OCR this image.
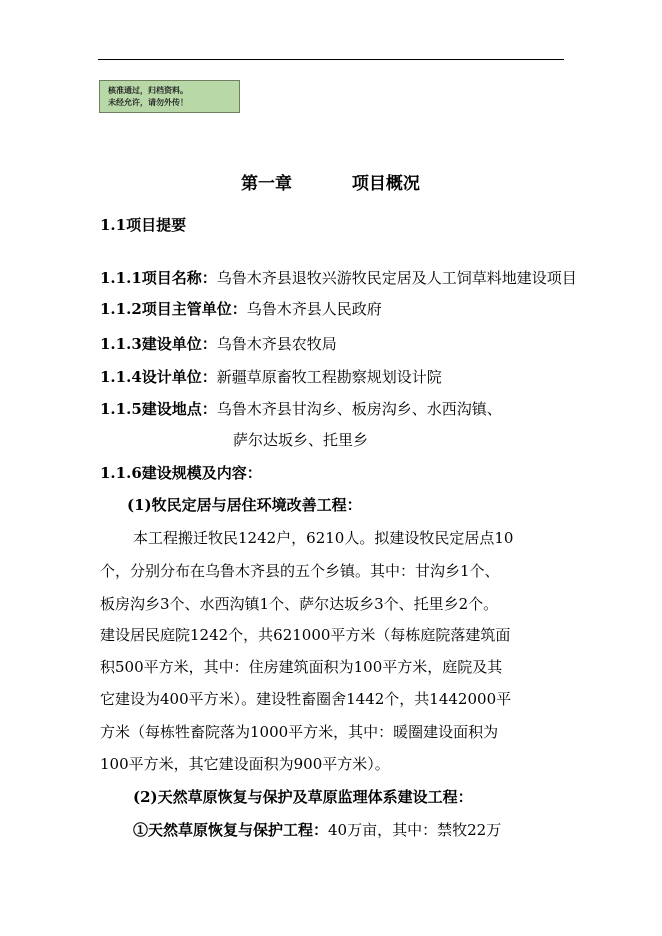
核准通过，归档资料。
未经允许，请勿外传！
第一章	项目概况
1.1项目提要
1.1.1项目名称：乌鲁木齐县退牧兴游牧民定居及人工饲草料地建设项目
1.1.2项目主管单位：乌鲁木齐县人民政府
1.1.3建设单位：乌鲁木齐县农牧局
1.1.4设计单位：新疆草原畜牧工程勘察规划设计院
1.1.5建设地点：乌鲁木齐县甘沟乡、板房沟乡、水西沟镇、
萨尔达坂乡、托里乡
1.1.6建设规模及内容：
(1)牧民定居与居住环境改善工程：
本工程搬迁牧民1242户，6210人。拟建设牧民定居点10
个，分别分布在乌鲁木齐县的五个乡镇。其中：甘沟乡1个、
板房沟乡3个、水西沟镇1个、萨尔达坂乡3个、托里乡2个。
建设居民庭院1242个，共621000平方米（每栋庭院落建筑面
积500平方米，其中：住房建筑面积为100平方米，庭院及其
它建设为400平方米）。建设牲畜圈舍1442个，共1442000平
方米（每栋牲畜院落为1000平方米，其中：暖圈建设面积为
100平方米，其它建设面积为900平方米）。
(2)天然草原恢复与保护及草原监理体系建设工程：
①天然草原恢复与保护工程：40万亩，其中：禁牧22万
